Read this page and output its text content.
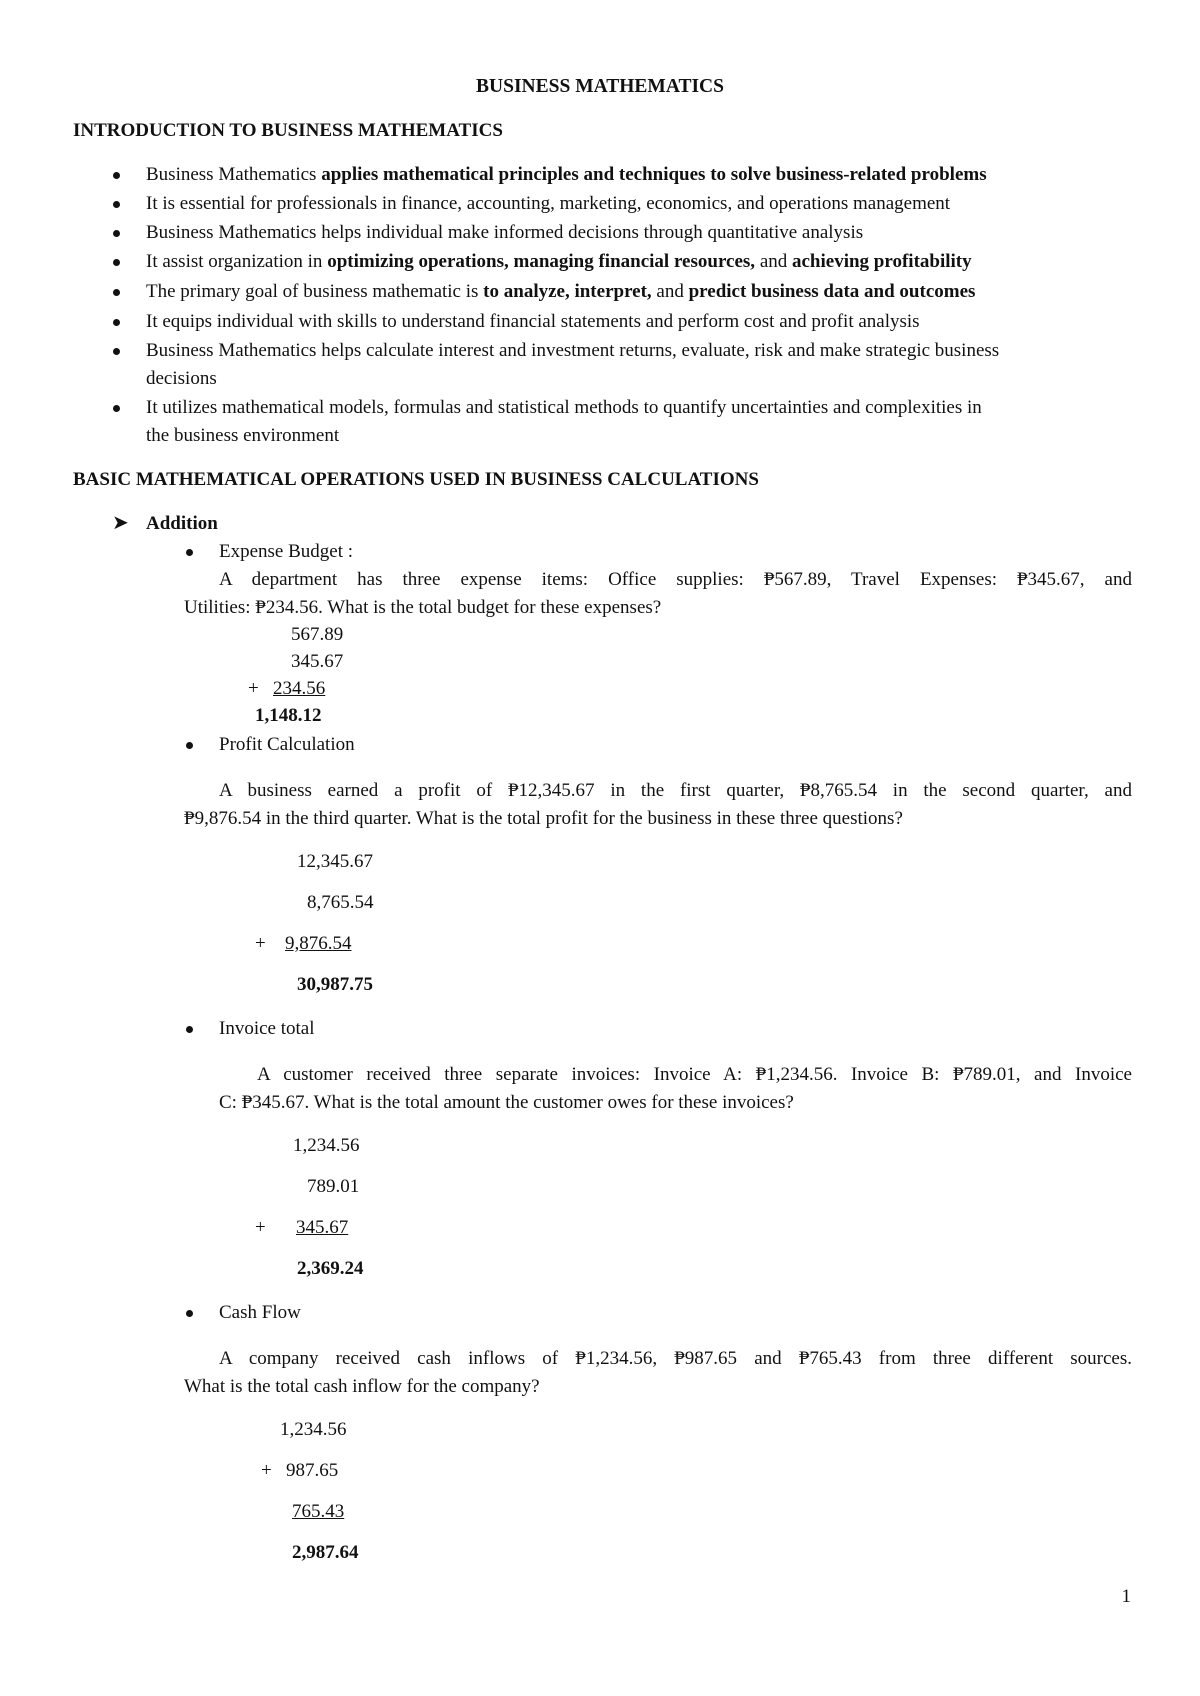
BUSINESS MATHEMATICS
INTRODUCTION TO BUSINESS MATHEMATICS
Business Mathematics applies mathematical principles and techniques to solve business-related problems
It is essential for professionals in finance, accounting, marketing, economics, and operations management
Business Mathematics helps individual make informed decisions through quantitative analysis
It assist organization in optimizing operations, managing financial resources, and achieving profitability
The primary goal of business mathematic is to analyze, interpret, and predict business data and outcomes
It equips individual with skills to understand financial statements and perform cost and profit analysis
Business Mathematics helps calculate interest and investment returns, evaluate, risk and make strategic business
decisions
It utilizes mathematical models, formulas and statistical methods to quantify uncertainties and complexities in
the business environment
BASIC MATHEMATICAL OPERATIONS USED IN BUSINESS CALCULATIONS
➤ Addition
Expense Budget :
A department has three expense items: Office supplies: ₱567.89, Travel Expenses: ₱345.67, and
Utilities: ₱234.56. What is the total budget for these expenses?
567.89
345.67
+ 234.56
1,148.12
Profit Calculation
A business earned a profit of ₱12,345.67 in the first quarter, ₱8,765.54 in the second quarter, and
₱9,876.54 in the third quarter. What is the total profit for the business in these three questions?
12,345.67
8,765.54
+ 9,876.54
30,987.75
Invoice total
A customer received three separate invoices: Invoice A: ₱1,234.56. Invoice B: ₱789.01, and Invoice
C: ₱345.67. What is the total amount the customer owes for these invoices?
1,234.56
789.01
+ 345.67
2,369.24
Cash Flow
A company received cash inflows of ₱1,234.56, ₱987.65 and ₱765.43 from three different sources.
What is the total cash inflow for the company?
1,234.56
+ 987.65
765.43
2,987.64
1
